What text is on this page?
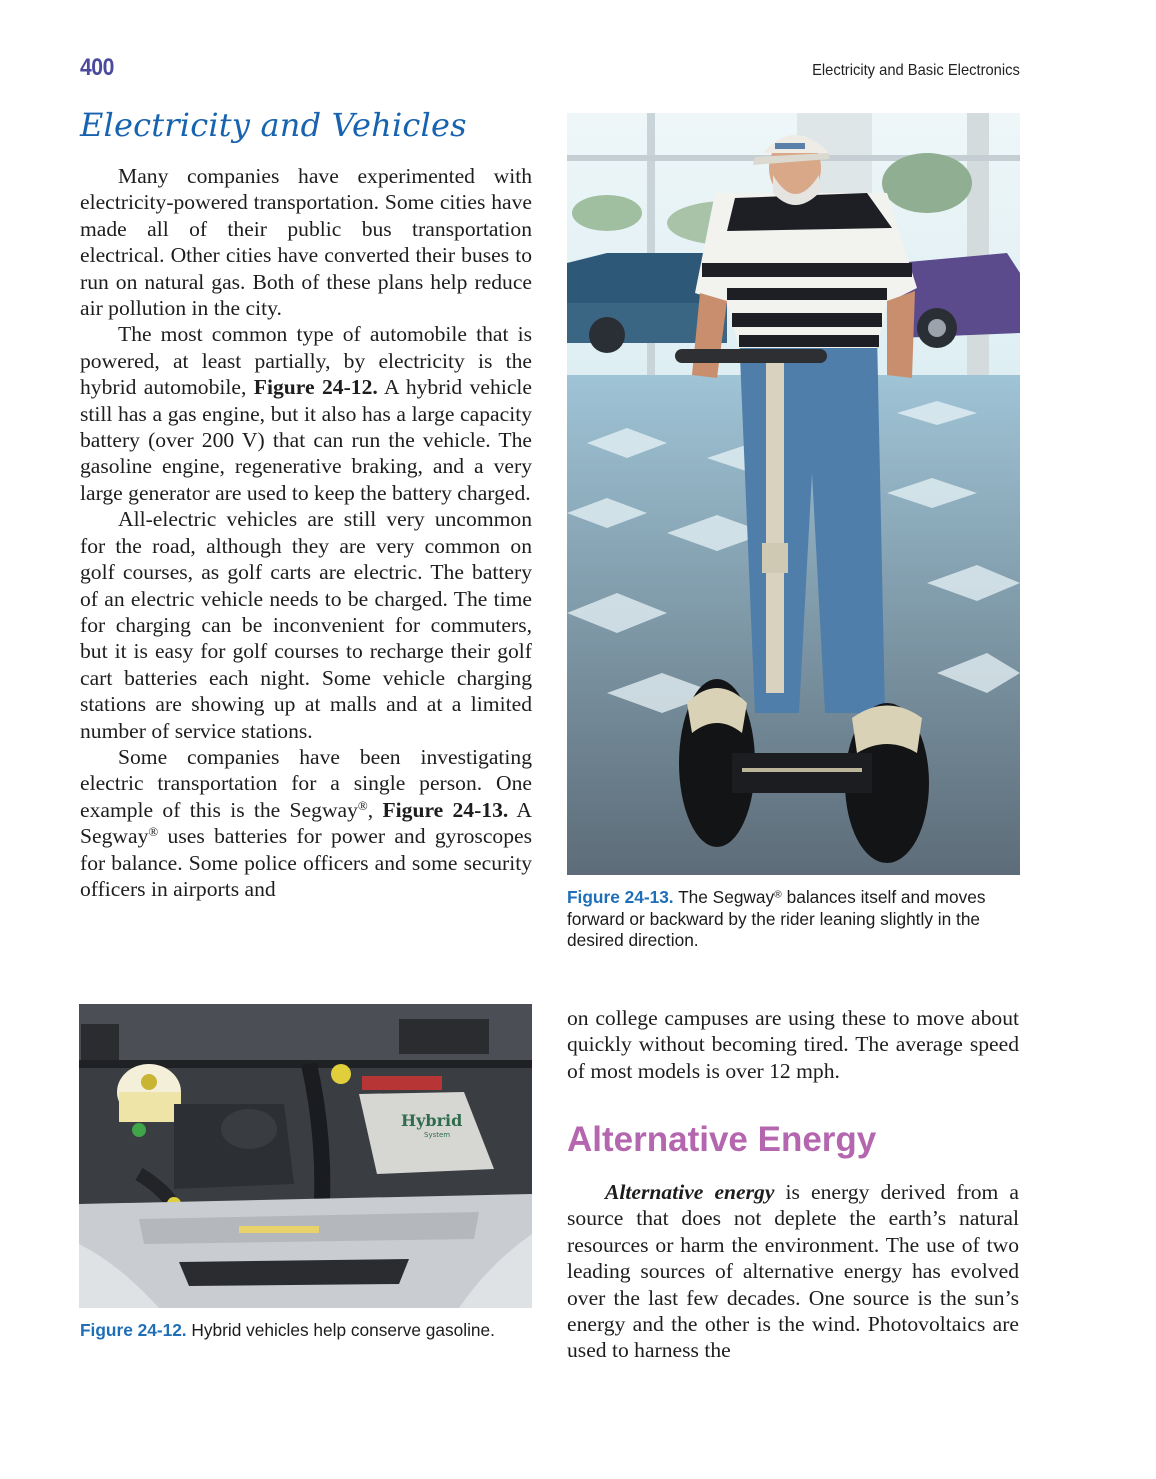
400	Electricity and Basic Electronics
Electricity and Vehicles

Many companies have experimented with electricity-powered transportation. Some cities have made all of their public bus transportation electrical. Other cities have converted their buses to run on natural gas. Both of these plans help reduce air pollution in the city.

The most common type of automobile that is powered, at least partially, by electricity is the hybrid automobile, Figure 24-12. A hybrid vehicle still has a gas engine, but it also has a large capacity battery (over 200 V) that can run the vehicle. The gasoline engine, regenerative braking, and a very large generator are used to keep the battery charged.

All-electric vehicles are still very uncommon for the road, although they are very common on golf courses, as golf carts are electric. The battery of an electric vehicle needs to be charged. The time for charging can be inconvenient for commuters, but it is easy for golf courses to recharge their golf cart batteries each night. Some vehicle charging stations are showing up at malls and at a limited number of service stations.

Some companies have been investigating electric transportation for a single person. One example of this is the Segway®, Figure 24-13. A Segway® uses batteries for power and gyroscopes for balance. Some police officers and some security officers in airports and	Figure 24-13. The Segway® balances itself and moves forward or backward by the rider leaning slightly in the desired direction.

Hybrid
System

Figure 24-12. Hybrid vehicles help conserve gasoline.

on college campuses are using these to move about quickly without becoming tired. The average speed of most models is over 12 mph.

Alternative Energy

Alternative energy is energy derived from a source that does not deplete the earth’s natural resources or harm the environment. The use of two leading sources of alternative energy has evolved over the last few decades. One source is the sun’s energy and the other is the wind. Photovoltaics are used to harness the
